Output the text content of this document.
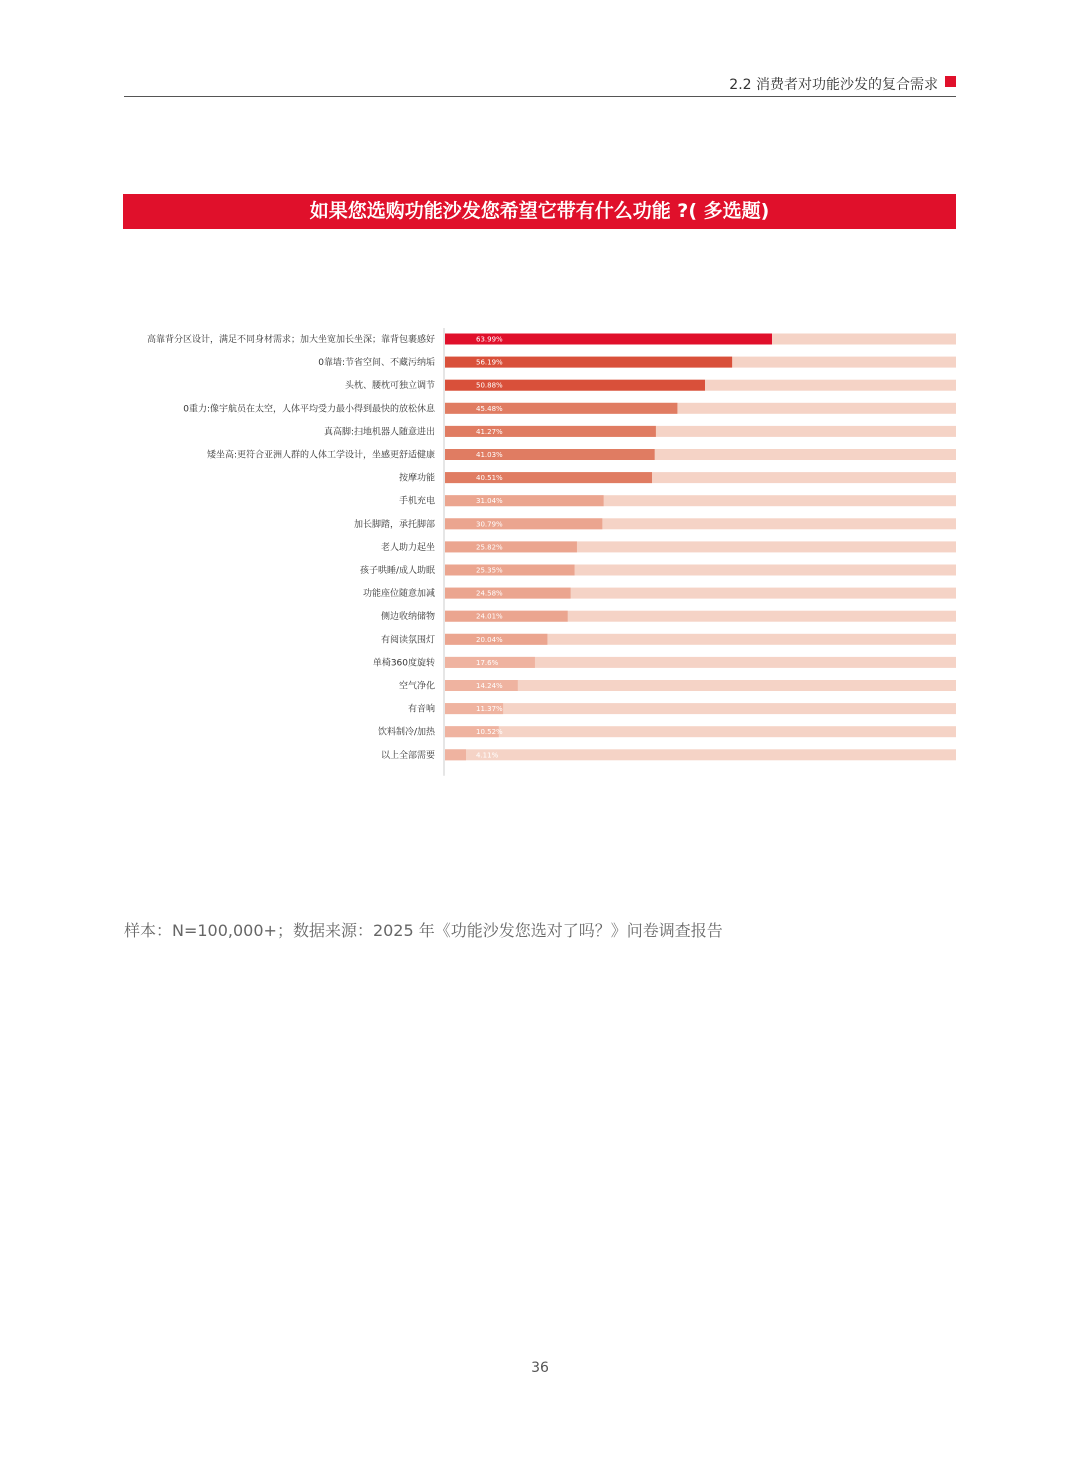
2.2 消费者对功能沙发的复合需求
如果您选购功能沙发您希望它带有什么功能 ?( 多选题)
高靠背分区设计，满足不同身材需求；加大坐宽加长坐深；靠背包裹感好	63.99%
0靠墙:节省空间、不藏污纳垢	56.19%
头枕、腰枕可独立调节	50.88%
0重力:像宇航员在太空，人体平均受力最小得到最快的放松休息	45.48%
真高脚:扫地机器人随意进出	41.27%
矮坐高:更符合亚洲人群的人体工学设计，坐感更舒适健康	41.03%
按摩功能	40.51%
手机充电	31.04%
加长脚踏，承托脚部	30.79%
老人助力起坐	25.82%
孩子哄睡/成人助眠	25.35%
功能座位随意加减	24.58%
侧边收纳储物	24.01%
有阅读氛围灯	20.04%
单椅360度旋转	17.6%
空气净化	14.24%
有音响	11.37%
饮料制冷/加热	10.52%
以上全部需要	4.11%
样本：N=100,000+；数据来源：2025 年《功能沙发您选对了吗？》问卷调查报告
36
